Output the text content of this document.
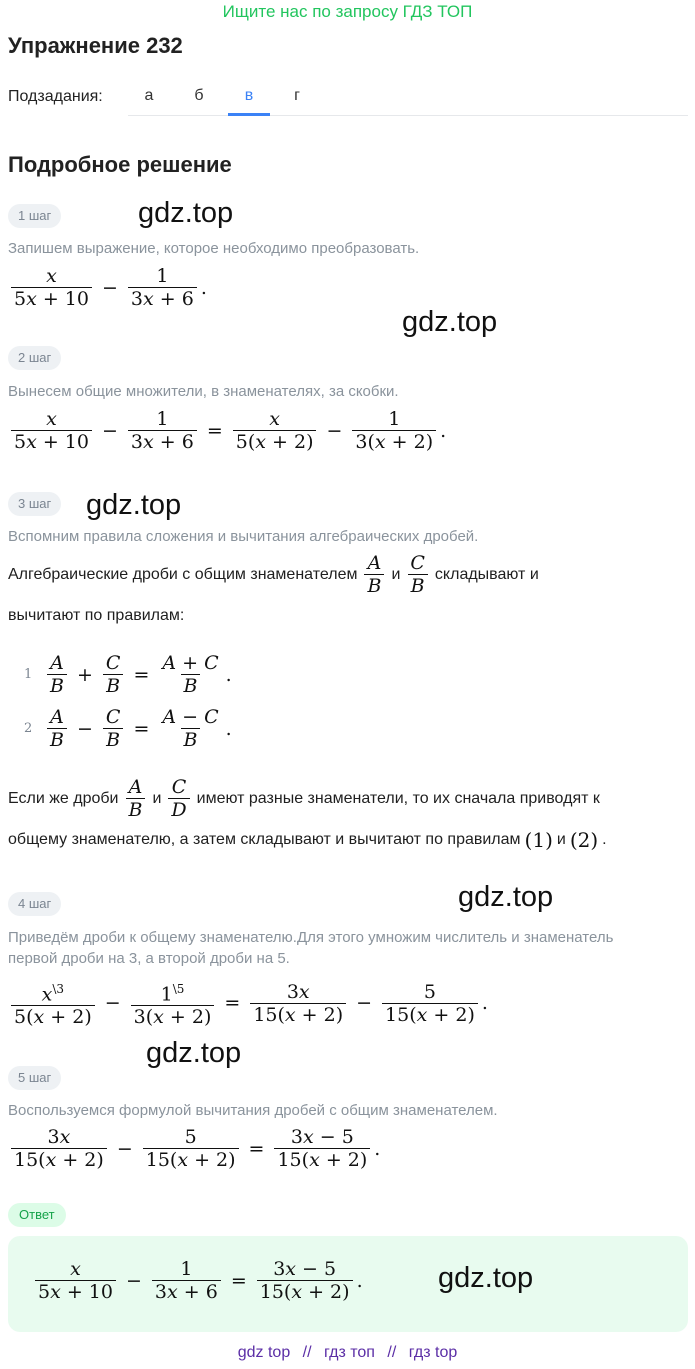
Ищите нас по запросу ГДЗ ТОП
Упражнение 232
Подзадания:	а	б	в	г
Подробное решение
1 шаг	gdz.top
Запишем выражение, которое необходимо преобразовать.
$\frac{x}{5x + 10} - \frac{1}{3x + 6}$ .
gdz.top
2 шаг
Вынесем общие множители, в знаменателях, за скобки.
$\frac{x}{5x + 10} - \frac{1}{3x + 6} = \frac{x}{5(x + 2)} - \frac{1}{3(x + 2)}$ .
3 шаг	gdz.top
Вспомним правила сложения и вычитания алгебраических дробей.
Алгебраические дроби с общим знаменателем $\frac{A}{B}$ и $\frac{C}{B}$ складывают и
вычитают по правилам:
$1 \frac{A}{B} + \frac{C}{B} = \frac{A + C}{B}$ .
$2 \frac{A}{B} - \frac{C}{B} = \frac{A - C}{B}$ .
Если же дроби $\frac{A}{B}$ и $\frac{C}{D}$ имеют разные знаменатели, то их сначала приводят к
общему знаменателю, а затем складывают и вычитают по правилам (1) и (2) .
4 шаг	gdz.top
Приведём дроби к общему знаменателю.Для этого умножим числитель и знаменатель
первой дроби на 3, а второй дроби на 5.
$\frac{x^{\backslash 3}}{5(x + 2)} - \frac{1^{\backslash 5}}{3(x + 2)} = \frac{3x}{15(x + 2)} - \frac{5}{15(x + 2)}$ .
gdz.top
5 шаг
Воспользуемся формулой вычитания дробей с общим знаменателем.
$\frac{3x}{15(x + 2)} - \frac{5}{15(x + 2)} = \frac{3x - 5}{15(x + 2)}$ .
Ответ
$\frac{x}{5x + 10} - \frac{1}{3x + 6} = \frac{3x - 5}{15(x + 2)}$ .	gdz.top
gdz top // гдз топ // гдз top
